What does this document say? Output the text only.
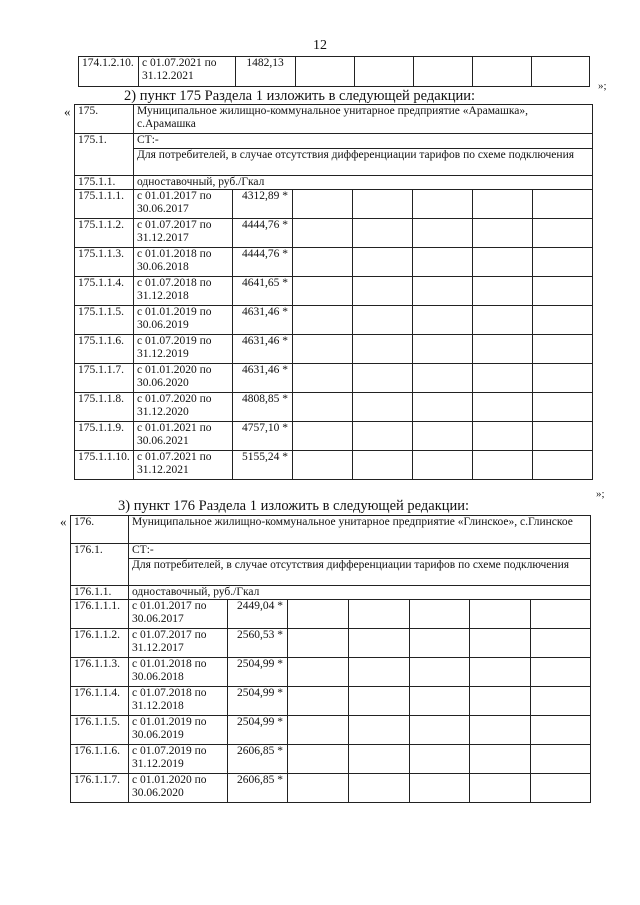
12
174.1.2.10.	с 01.07.2021 по 31.12.2021	1482,13					
»;
2) пункт 175 Раздела 1 изложить в следующей редакции:
« 175.	Муниципальное жилищно-коммунальное унитарное предприятие «Арамашка», с.Арамашка						
175.1.	СТ:-						
	Для потребителей, в случае отсутствия дифференциации тарифов по схеме подключения						
175.1.1.	одноставочный, руб./Гкал						
175.1.1.1.	с 01.01.2017 по 30.06.2017	4312,89 *					
175.1.1.2.	с 01.07.2017 по 31.12.2017	4444,76 *					
175.1.1.3.	с 01.01.2018 по 30.06.2018	4444,76 *					
175.1.1.4.	с 01.07.2018 по 31.12.2018	4641,65 *					
175.1.1.5.	с 01.01.2019 по 30.06.2019	4631,46 *					
175.1.1.6.	с 01.07.2019 по 31.12.2019	4631,46 *					
175.1.1.7.	с 01.01.2020 по 30.06.2020	4631,46 *					
175.1.1.8.	с 01.07.2020 по 31.12.2020	4808,85 *					
175.1.1.9.	с 01.01.2021 по 30.06.2021	4757,10 *					
175.1.1.10.	с 01.07.2021 по 31.12.2021	5155,24 *					
»;
3) пункт 176 Раздела 1 изложить в следующей редакции:
« 176.	Муниципальное жилищно-коммунальное унитарное предприятие «Глинское», с.Глинское						
176.1.	СТ:-						
	Для потребителей, в случае отсутствия дифференциации тарифов по схеме подключения						
176.1.1.	одноставочный, руб./Гкал						
176.1.1.1.	с 01.01.2017 по 30.06.2017	2449,04 *					
176.1.1.2.	с 01.07.2017 по 31.12.2017	2560,53 *					
176.1.1.3.	с 01.01.2018 по 30.06.2018	2504,99 *					
176.1.1.4.	с 01.07.2018 по 31.12.2018	2504,99 *					
176.1.1.5.	с 01.01.2019 по 30.06.2019	2504,99 *					
176.1.1.6.	с 01.07.2019 по 31.12.2019	2606,85 *					
176.1.1.7.	с 01.01.2020 по 30.06.2020	2606,85 *					
